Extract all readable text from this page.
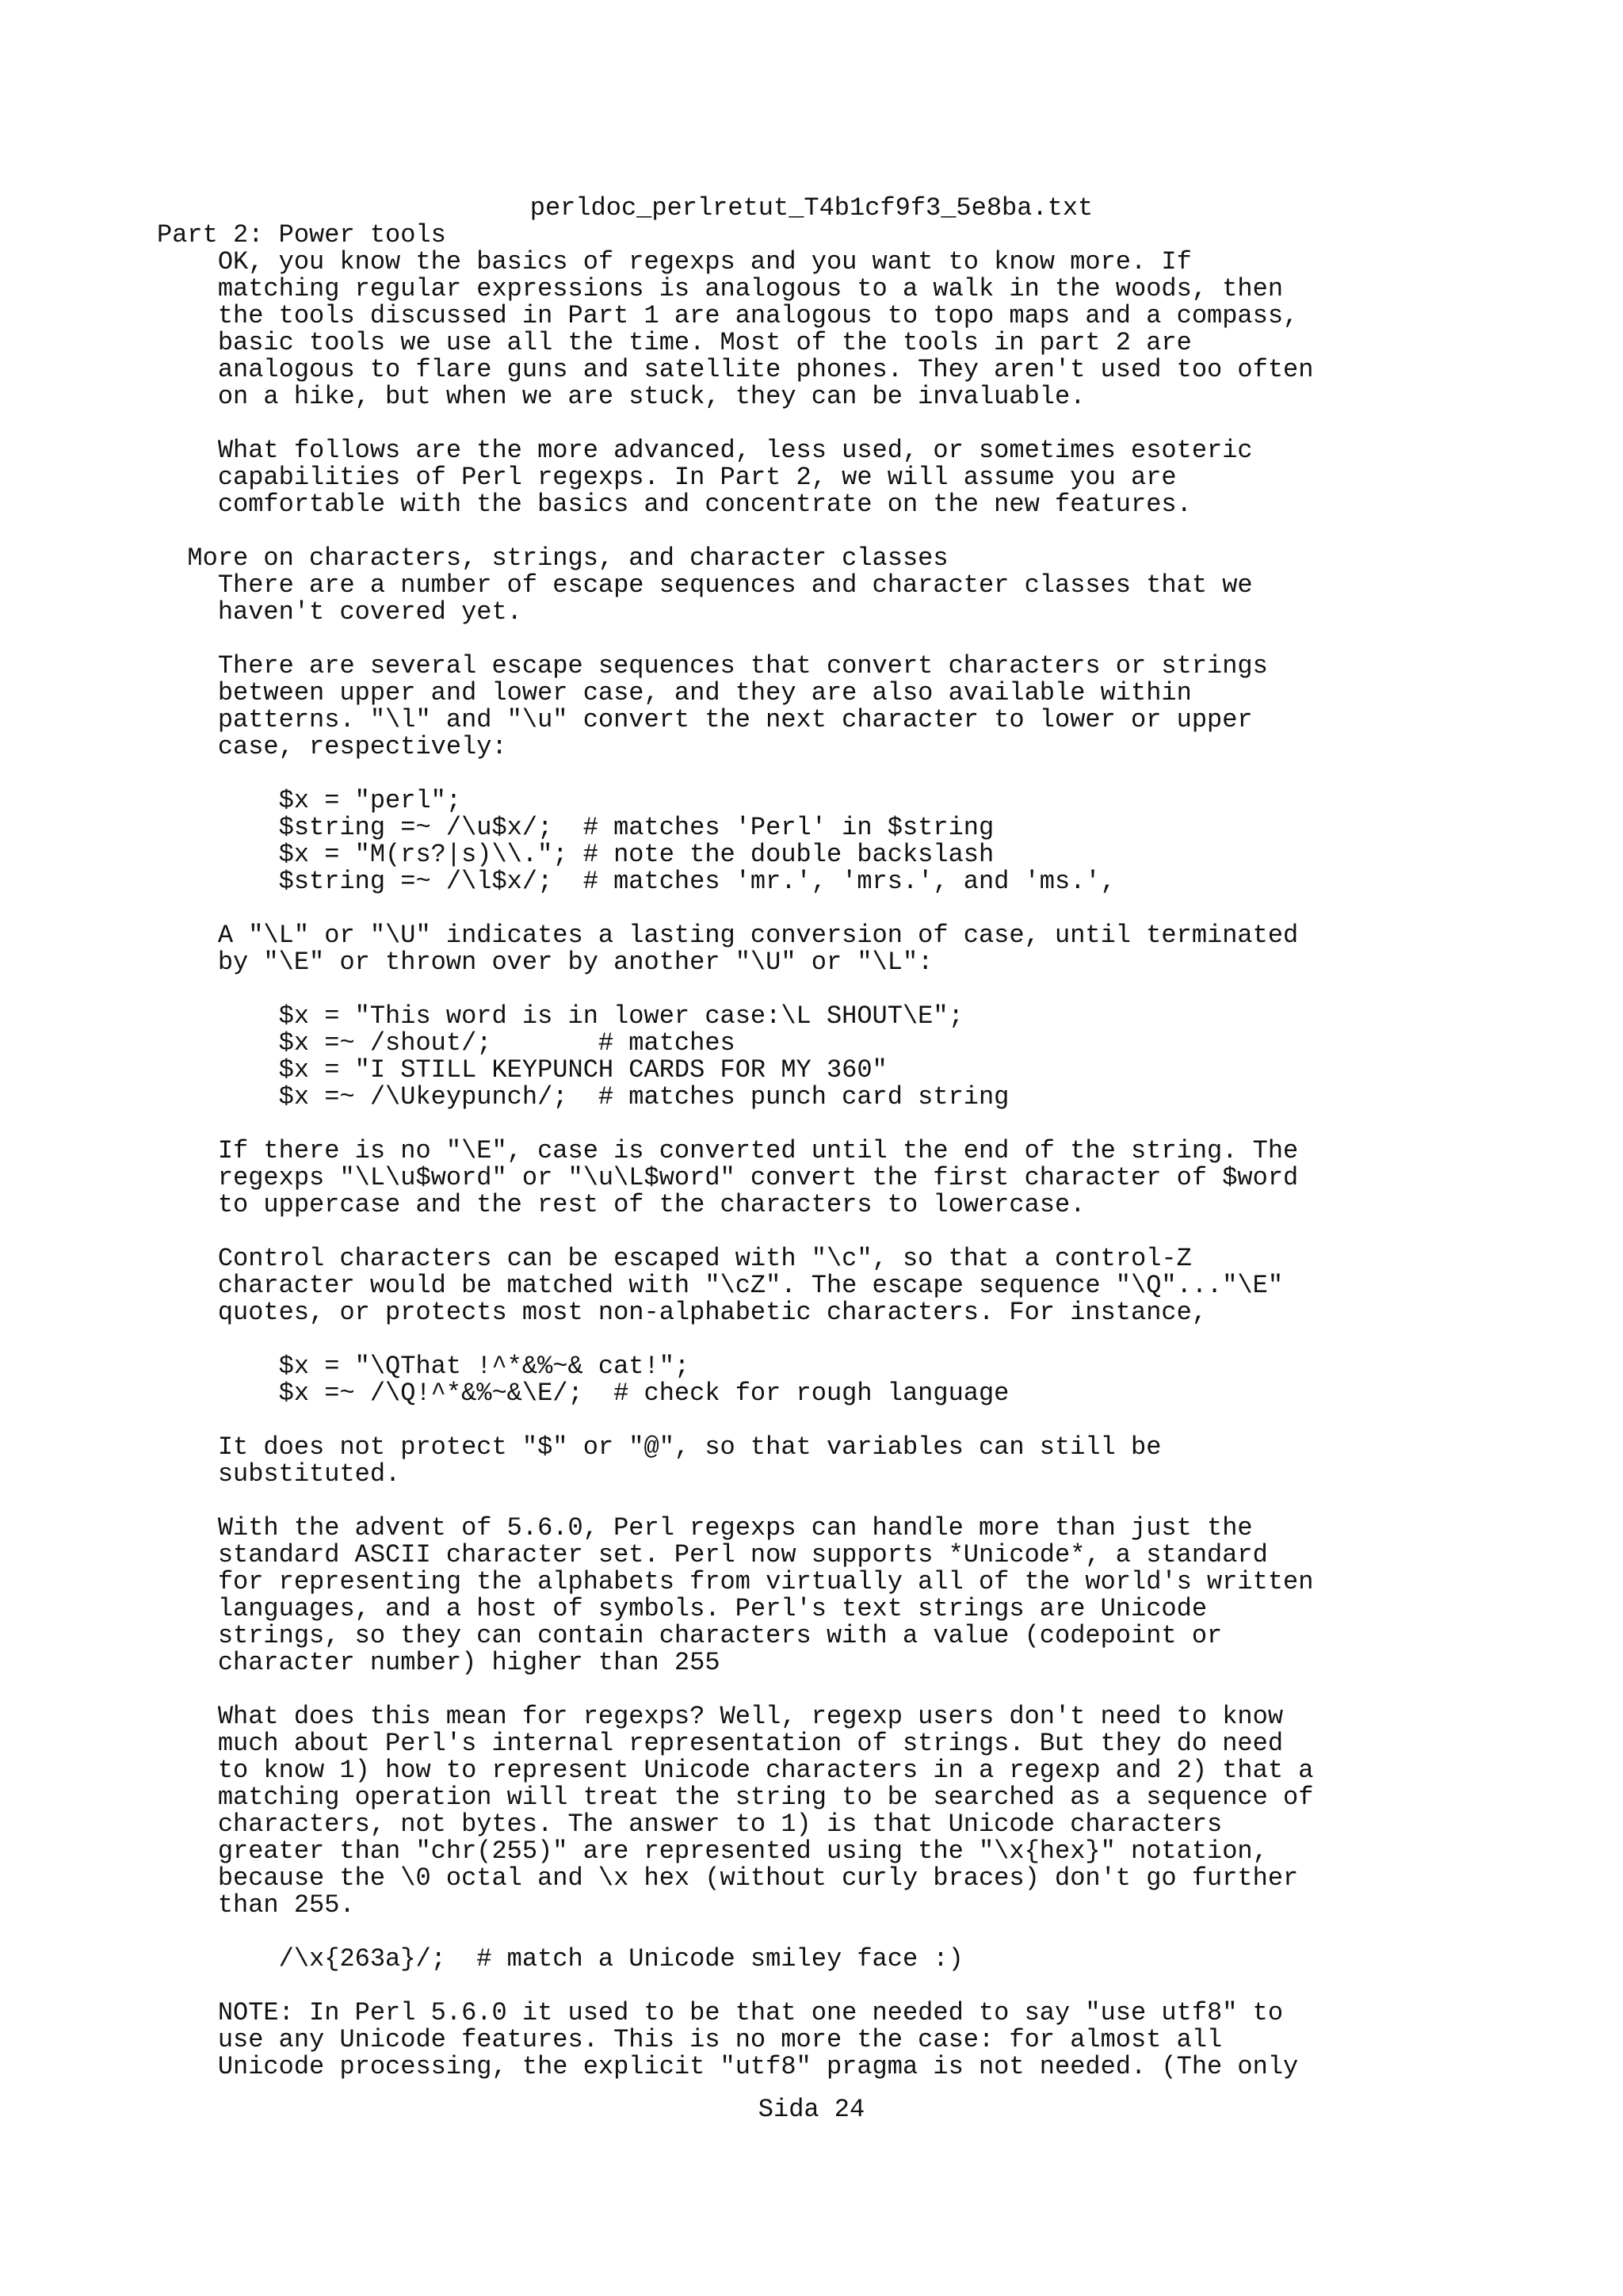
perldoc_perlretut_T4b1cf9f3_5e8ba.txt
Part 2: Power tools
OK, you know the basics of regexps and you want to know more. If
matching regular expressions is analogous to a walk in the woods, then
the tools discussed in Part 1 are analogous to topo maps and a compass,
basic tools we use all the time. Most of the tools in part 2 are
analogous to flare guns and satellite phones. They aren't used too often
on a hike, but when we are stuck, they can be invaluable.
What follows are the more advanced, less used, or sometimes esoteric
capabilities of Perl regexps. In Part 2, we will assume you are
comfortable with the basics and concentrate on the new features.
More on characters, strings, and character classes
There are a number of escape sequences and character classes that we
haven't covered yet.
There are several escape sequences that convert characters or strings
between upper and lower case, and they are also available within
patterns. "\l" and "\u" convert the next character to lower or upper
case, respectively:
$x = "perl";
$string =~ /\u$x/;  # matches 'Perl' in $string
$x = "M(rs?|s)\\."; # note the double backslash
$string =~ /\l$x/;  # matches 'mr.', 'mrs.', and 'ms.',
A "\L" or "\U" indicates a lasting conversion of case, until terminated
by "\E" or thrown over by another "\U" or "\L":
$x = "This word is in lower case:\L SHOUT\E";
$x =~ /shout/;       # matches
$x = "I STILL KEYPUNCH CARDS FOR MY 360"
$x =~ /\Ukeypunch/;  # matches punch card string
If there is no "\E", case is converted until the end of the string. The
regexps "\L\u$word" or "\u\L$word" convert the first character of $word
to uppercase and the rest of the characters to lowercase.
Control characters can be escaped with "\c", so that a control-Z
character would be matched with "\cZ". The escape sequence "\Q"..."\E"
quotes, or protects most non-alphabetic characters. For instance,
$x = "\QThat !^*&%~& cat!";
$x =~ /\Q!^*&%~&\E/;  # check for rough language
It does not protect "$" or "@", so that variables can still be
substituted.
With the advent of 5.6.0, Perl regexps can handle more than just the
standard ASCII character set. Perl now supports *Unicode*, a standard
for representing the alphabets from virtually all of the world's written
languages, and a host of symbols. Perl's text strings are Unicode
strings, so they can contain characters with a value (codepoint or
character number) higher than 255
What does this mean for regexps? Well, regexp users don't need to know
much about Perl's internal representation of strings. But they do need
to know 1) how to represent Unicode characters in a regexp and 2) that a
matching operation will treat the string to be searched as a sequence of
characters, not bytes. The answer to 1) is that Unicode characters
greater than "chr(255)" are represented using the "\x{hex}" notation,
because the \0 octal and \x hex (without curly braces) don't go further
than 255.
/\x{263a}/;  # match a Unicode smiley face :)
NOTE: In Perl 5.6.0 it used to be that one needed to say "use utf8" to
use any Unicode features. This is no more the case: for almost all
Unicode processing, the explicit "utf8" pragma is not needed. (The only
Sida 24
